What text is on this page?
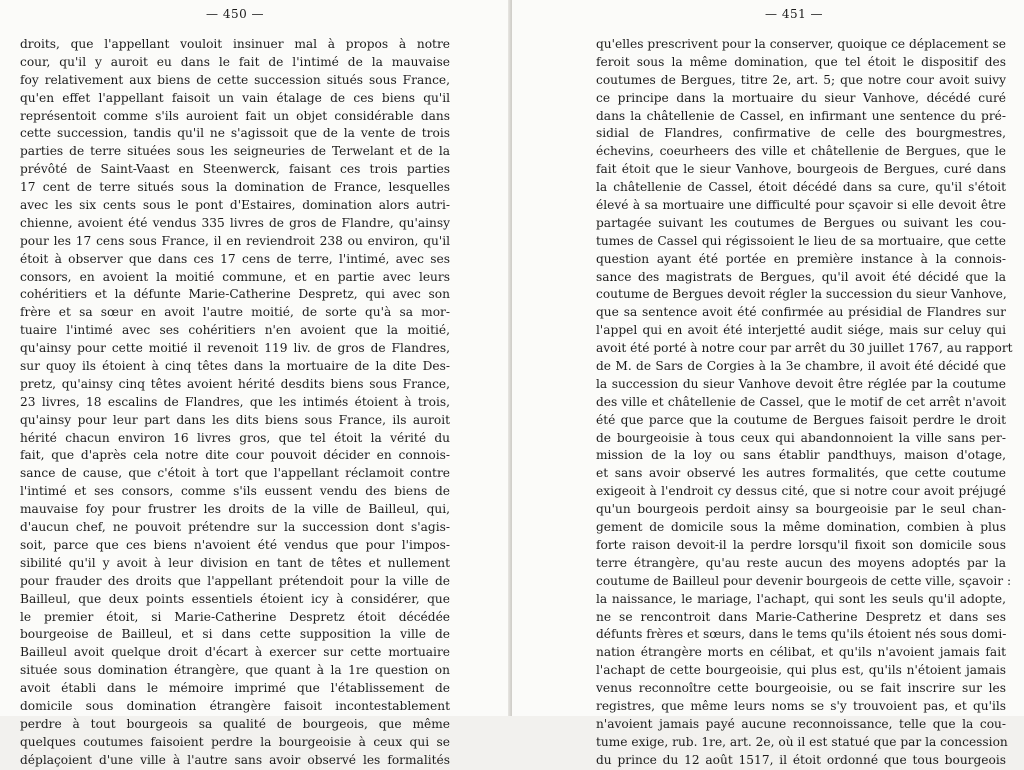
— 450 —
droits, que l'appellant vouloit insinuer mal à propos à notre
cour, qu'il y auroit eu dans le fait de l'intimé de la mauvaise
foy relativement aux biens de cette succession situés sous France,
qu'en effet l'appellant faisoit un vain étalage de ces biens qu'il
représentoit comme s'ils auroient fait un objet considérable dans
cette succession, tandis qu'il ne s'agissoit que de la vente de trois
parties de terre situées sous les seigneuries de Terwelant et de la
prévôté de Saint-Vaast en Steenwerck, faisant ces trois parties
17 cent de terre situés sous la domination de France, lesquelles
avec les six cents sous le pont d'Estaires, domination alors autri-
chienne, avoient été vendus 335 livres de gros de Flandre, qu'ainsy
pour les 17 cens sous France, il en reviendroit 238 ou environ, qu'il
étoit à observer que dans ces 17 cens de terre, l'intimé, avec ses
consors, en avoient la moitié commune, et en partie avec leurs
cohéritiers et la défunte Marie-Catherine Despretz, qui avec son
frère et sa sœur en avoit l'autre moitié, de sorte qu'à sa mor-
tuaire l'intimé avec ses cohéritiers n'en avoient que la moitié,
qu'ainsy pour cette moitié il revenoit 119 liv. de gros de Flandres,
sur quoy ils étoient à cinq têtes dans la mortuaire de la dite Des-
pretz, qu'ainsy cinq têtes avoient hérité desdits biens sous France,
23 livres, 18 escalins de Flandres, que les intimés étoient à trois,
qu'ainsy pour leur part dans les dits biens sous France, ils auroit
hérité chacun environ 16 livres gros, que tel étoit la vérité du
fait, que d'après cela notre dite cour pouvoit décider en connois-
sance de cause, que c'étoit à tort que l'appellant réclamoit contre
l'intimé et ses consors, comme s'ils eussent vendu des biens de
mauvaise foy pour frustrer les droits de la ville de Bailleul, qui,
d'aucun chef, ne pouvoit prétendre sur la succession dont s'agis-
soit, parce que ces biens n'avoient été vendus que pour l'impos-
sibilité qu'il y avoit à leur division en tant de têtes et nullement
pour frauder des droits que l'appellant prétendoit pour la ville de
Bailleul, que deux points essentiels étoient icy à considérer, que
le premier étoit, si Marie-Catherine Despretz étoit décédée
bourgeoise de Bailleul, et si dans cette supposition la ville de
Bailleul avoit quelque droit d'écart à exercer sur cette mortuaire
située sous domination étrangère, que quant à la 1re question on
avoit établi dans le mémoire imprimé que l'établissement de
domicile sous domination étrangère faisoit incontestablement
perdre à tout bourgeois sa qualité de bourgeois, que même
quelques coutumes faisoient perdre la bourgeoisie à ceux qui se
déplaçoient d'une ville à l'autre sans avoir observé les formalités
— 451 —
qu'elles prescrivent pour la conserver, quoique ce déplacement se
feroit sous la même domination, que tel étoit le dispositif des
coutumes de Bergues, titre 2e, art. 5; que notre cour avoit suivy
ce principe dans la mortuaire du sieur Vanhove, décédé curé
dans la châtellenie de Cassel, en infirmant une sentence du pré-
sidial de Flandres, confirmative de celle des bourgmestres,
échevins, coeurheers des ville et châtellenie de Bergues, que le
fait étoit que le sieur Vanhove, bourgeois de Bergues, curé dans
la châtellenie de Cassel, étoit décédé dans sa cure, qu'il s'étoit
élevé à sa mortuaire une difficulté pour sçavoir si elle devoit être
partagée suivant les coutumes de Bergues ou suivant les cou-
tumes de Cassel qui régissoient le lieu de sa mortuaire, que cette
question ayant été portée en première instance à la connois-
sance des magistrats de Bergues, qu'il avoit été décidé que la
coutume de Bergues devoit régler la succession du sieur Vanhove,
que sa sentence avoit été confirmée au présidial de Flandres sur
l'appel qui en avoit été interjetté audit siége, mais sur celuy qui
avoit été porté à notre cour par arrêt du 30 juillet 1767, au rapport
de M. de Sars de Corgies à la 3e chambre, il avoit été décidé que
la succession du sieur Vanhove devoit être réglée par la coutume
des ville et châtellenie de Cassel, que le motif de cet arrêt n'avoit
été que parce que la coutume de Bergues faisoit perdre le droit
de bourgeoisie à tous ceux qui abandonnoient la ville sans per-
mission de la loy ou sans établir pandthuys, maison d'otage,
et sans avoir observé les autres formalités, que cette coutume
exigeoit à l'endroit cy dessus cité, que si notre cour avoit préjugé
qu'un bourgeois perdoit ainsy sa bourgeoisie par le seul chan-
gement de domicile sous la même domination, combien à plus
forte raison devoit-il la perdre lorsqu'il fixoit son domicile sous
terre étrangère, qu'au reste aucun des moyens adoptés par la
coutume de Bailleul pour devenir bourgeois de cette ville, sçavoir :
la naissance, le mariage, l'achapt, qui sont les seuls qu'il adopte,
ne se rencontroit dans Marie-Catherine Despretz et dans ses
défunts frères et sœurs, dans le tems qu'ils étoient nés sous domi-
nation étrangère morts en célibat, et qu'ils n'avoient jamais fait
l'achapt de cette bourgeoisie, qui plus est, qu'ils n'étoient jamais
venus reconnoître cette bourgeoisie, ou se fait inscrire sur les
registres, que même leurs noms se s'y trouvoient pas, et qu'ils
n'avoient jamais payé aucune reconnoissance, telle que la cou-
tume exige, rub. 1re, art. 2e, où il est statué que par la concession
du prince du 12 août 1517, il étoit ordonné que tous bourgeois
